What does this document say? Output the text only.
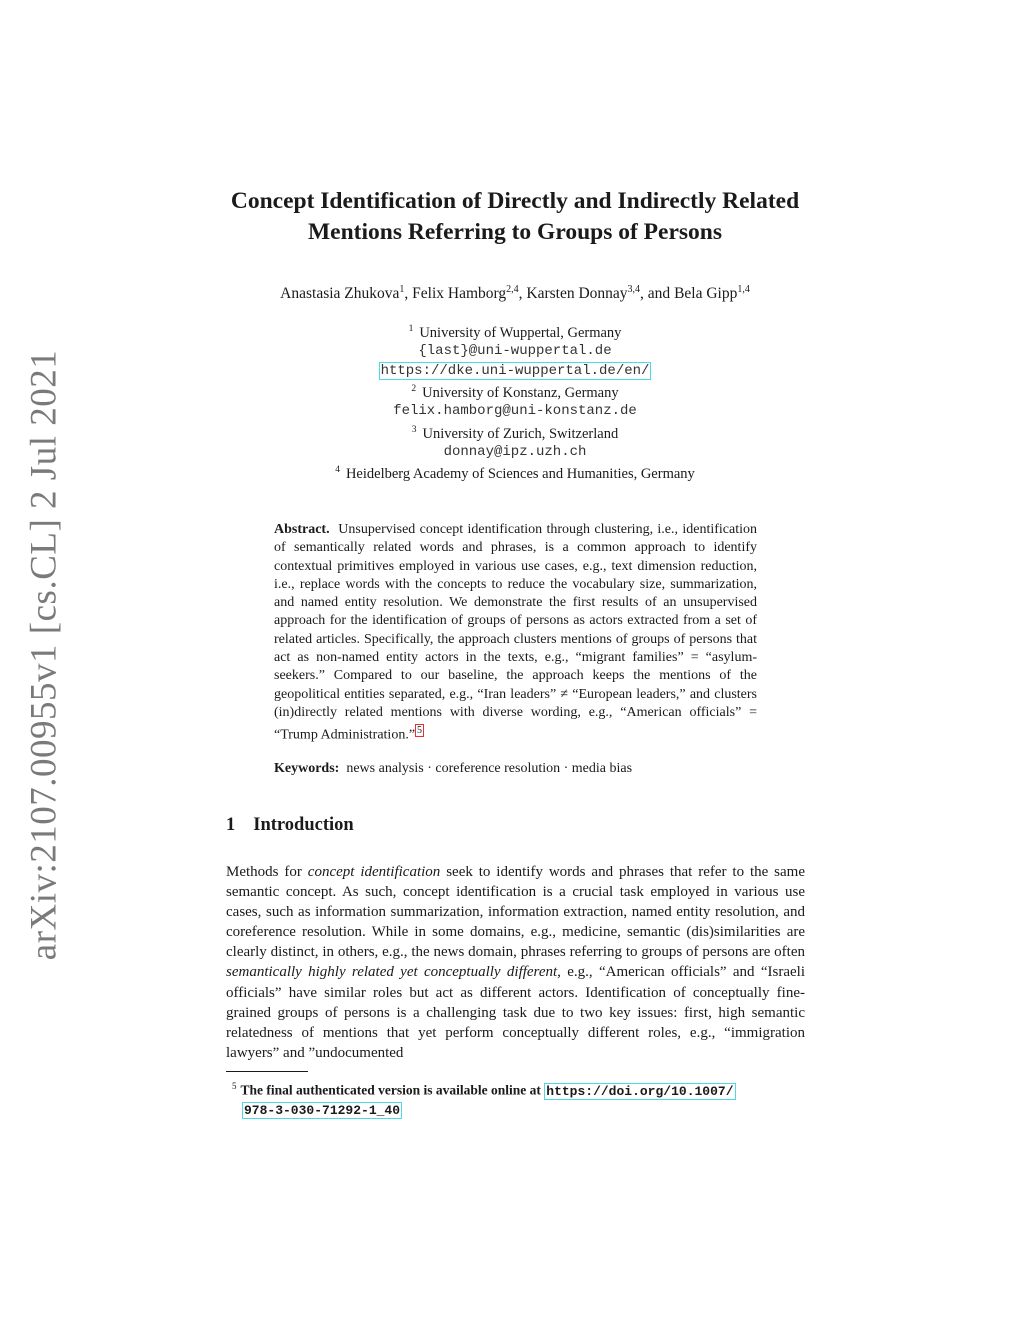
arXiv:2107.00955v1 [cs.CL] 2 Jul 2021
Concept Identification of Directly and Indirectly Related
Mentions Referring to Groups of Persons
Anastasia Zhukova$^1$, Felix Hamborg$^{2,4}$, Karsten Donnay$^{3,4}$, and Bela Gipp$^{1,4}$
$^1$ University of Wuppertal, Germany
{last}@uni-wuppertal.de
https://dke.uni-wuppertal.de/en/
$^2$ University of Konstanz, Germany
felix.hamborg@uni-konstanz.de
$^3$ University of Zurich, Switzerland
donnay@ipz.uzh.ch
$^4$ Heidelberg Academy of Sciences and Humanities, Germany

Abstract. Unsupervised concept identification through clustering, i.e., identification of semantically related words and phrases, is a common approach to identify contextual primitives employed in various use cases, e.g., text dimension reduction, i.e., replace words with the concepts to reduce the vocabulary size, summarization, and named entity resolution. We demonstrate the first results of an unsupervised approach for the identification of groups of persons as actors extracted from a set of related articles. Specifically, the approach clusters mentions of groups of persons that act as non-named entity actors in the texts, e.g., “migrant families” = “asylum-seekers.” Compared to our baseline, the approach keeps the mentions of the geopolitical entities separated, e.g., “Iran leaders” ≠ “European leaders,” and clusters (in)directly related mentions with diverse wording, e.g., “American officials” = “Trump Administration.” $^5$

Keywords: news analysis · coreference resolution · media bias
1 Introduction

Methods for concept identification seek to identify words and phrases that refer to the same semantic concept. As such, concept identification is a crucial task employed in various use cases, such as information summarization, information extraction, named entity resolution, and coreference resolution. While in some domains, e.g., medicine, semantic (dis)similarities are clearly distinct, in others, e.g., the news domain, phrases referring to groups of persons are often semantically highly related yet conceptually different, e.g., “American officials” and “Israeli officials” have similar roles but act as different actors. Identification of conceptually fine-grained groups of persons is a challenging task due to two key issues: first, high semantic relatedness of mentions that yet perform conceptually different roles, e.g., “immigration lawyers” and ”undocumented

$^5$ The final authenticated version is available online at https://doi.org/10.1007/
978-3-030-71292-1_40
